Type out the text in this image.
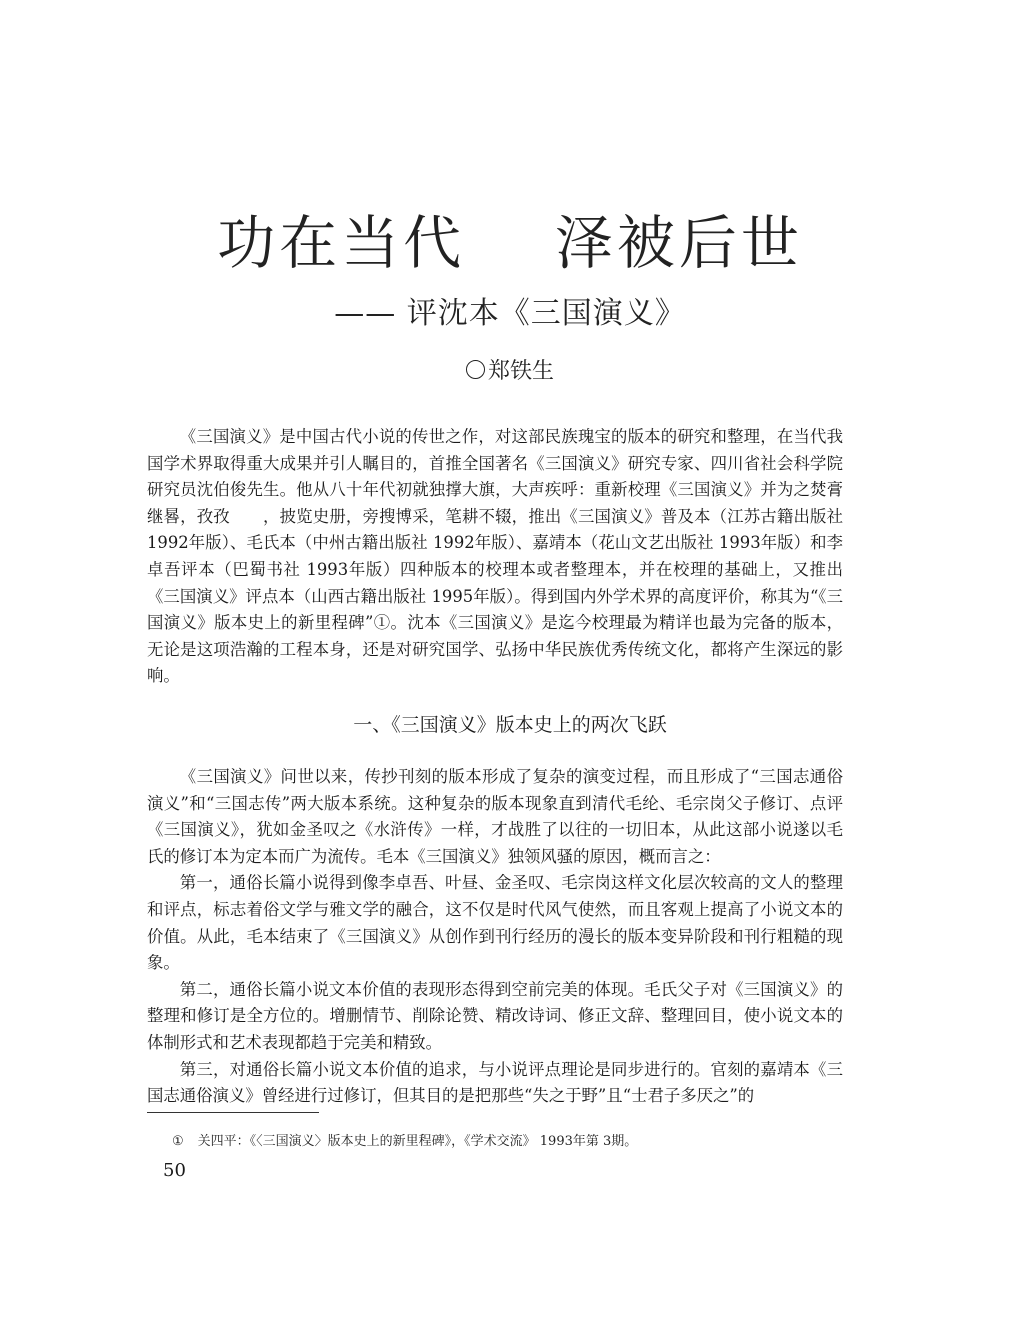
功在当代    泽被后世
—— 评沈本《三国演义》
郑铁生

《三国演义》是中国古代小说的传世之作，对这部民族瑰宝的版本的研究和整理，在当代我国学术界取得重大成果并引人瞩目的，首推全国著名《三国演义》研究专家、四川省社会科学院研究员沈伯俊先生。他从八十年代初就独撑大旗，大声疾呼：重新校理《三国演义》并为之焚膏继晷，孜孜　　，披览史册，旁搜博采，笔耕不辍，推出《三国演义》普及本（江苏古籍出版社 1992年版）、毛氏本（中州古籍出版社 1992年版）、嘉靖本（花山文艺出版社 1993年版）和李卓吾评本（巴蜀书社 1993年版）四种版本的校理本或者整理本，并在校理的基础上，又推出《三国演义》评点本（山西古籍出版社 1995年版）。得到国内外学术界的高度评价，称其为“《三国演义》版本史上的新里程碑”①。沈本《三国演义》是迄今校理最为精详也最为完备的版本，无论是这项浩瀚的工程本身，还是对研究国学、弘扬中华民族优秀传统文化，都将产生深远的影响。

一、《三国演义》版本史上的两次飞跃

《三国演义》问世以来，传抄刊刻的版本形成了复杂的演变过程，而且形成了“三国志通俗演义”和“三国志传”两大版本系统。这种复杂的版本现象直到清代毛纶、毛宗岗父子修订、点评《三国演义》，犹如金圣叹之《水浒传》一样，才战胜了以往的一切旧本，从此这部小说遂以毛氏的修订本为定本而广为流传。毛本《三国演义》独领风骚的原因，概而言之：

第一，通俗长篇小说得到像李卓吾、叶昼、金圣叹、毛宗岗这样文化层次较高的文人的整理和评点，标志着俗文学与雅文学的融合，这不仅是时代风气使然，而且客观上提高了小说文本的价值。从此，毛本结束了《三国演义》从创作到刊行经历的漫长的版本变异阶段和刊行粗糙的现象。

第二，通俗长篇小说文本价值的表现形态得到空前完美的体现。毛氏父子对《三国演义》的整理和修订是全方位的。增删情节、削除论赞、精改诗词、修正文辞、整理回目，使小说文本的体制形式和艺术表现都趋于完美和精致。

第三，对通俗长篇小说文本价值的追求，与小说评点理论是同步进行的。官刻的嘉靖本《三国志通俗演义》曾经进行过修订，但其目的是把那些“失之于野”且“士君子多厌之”的

① 关四平：《〈三国演义〉版本史上的新里程碑》，《学术交流》 1993年第 3期。
50
